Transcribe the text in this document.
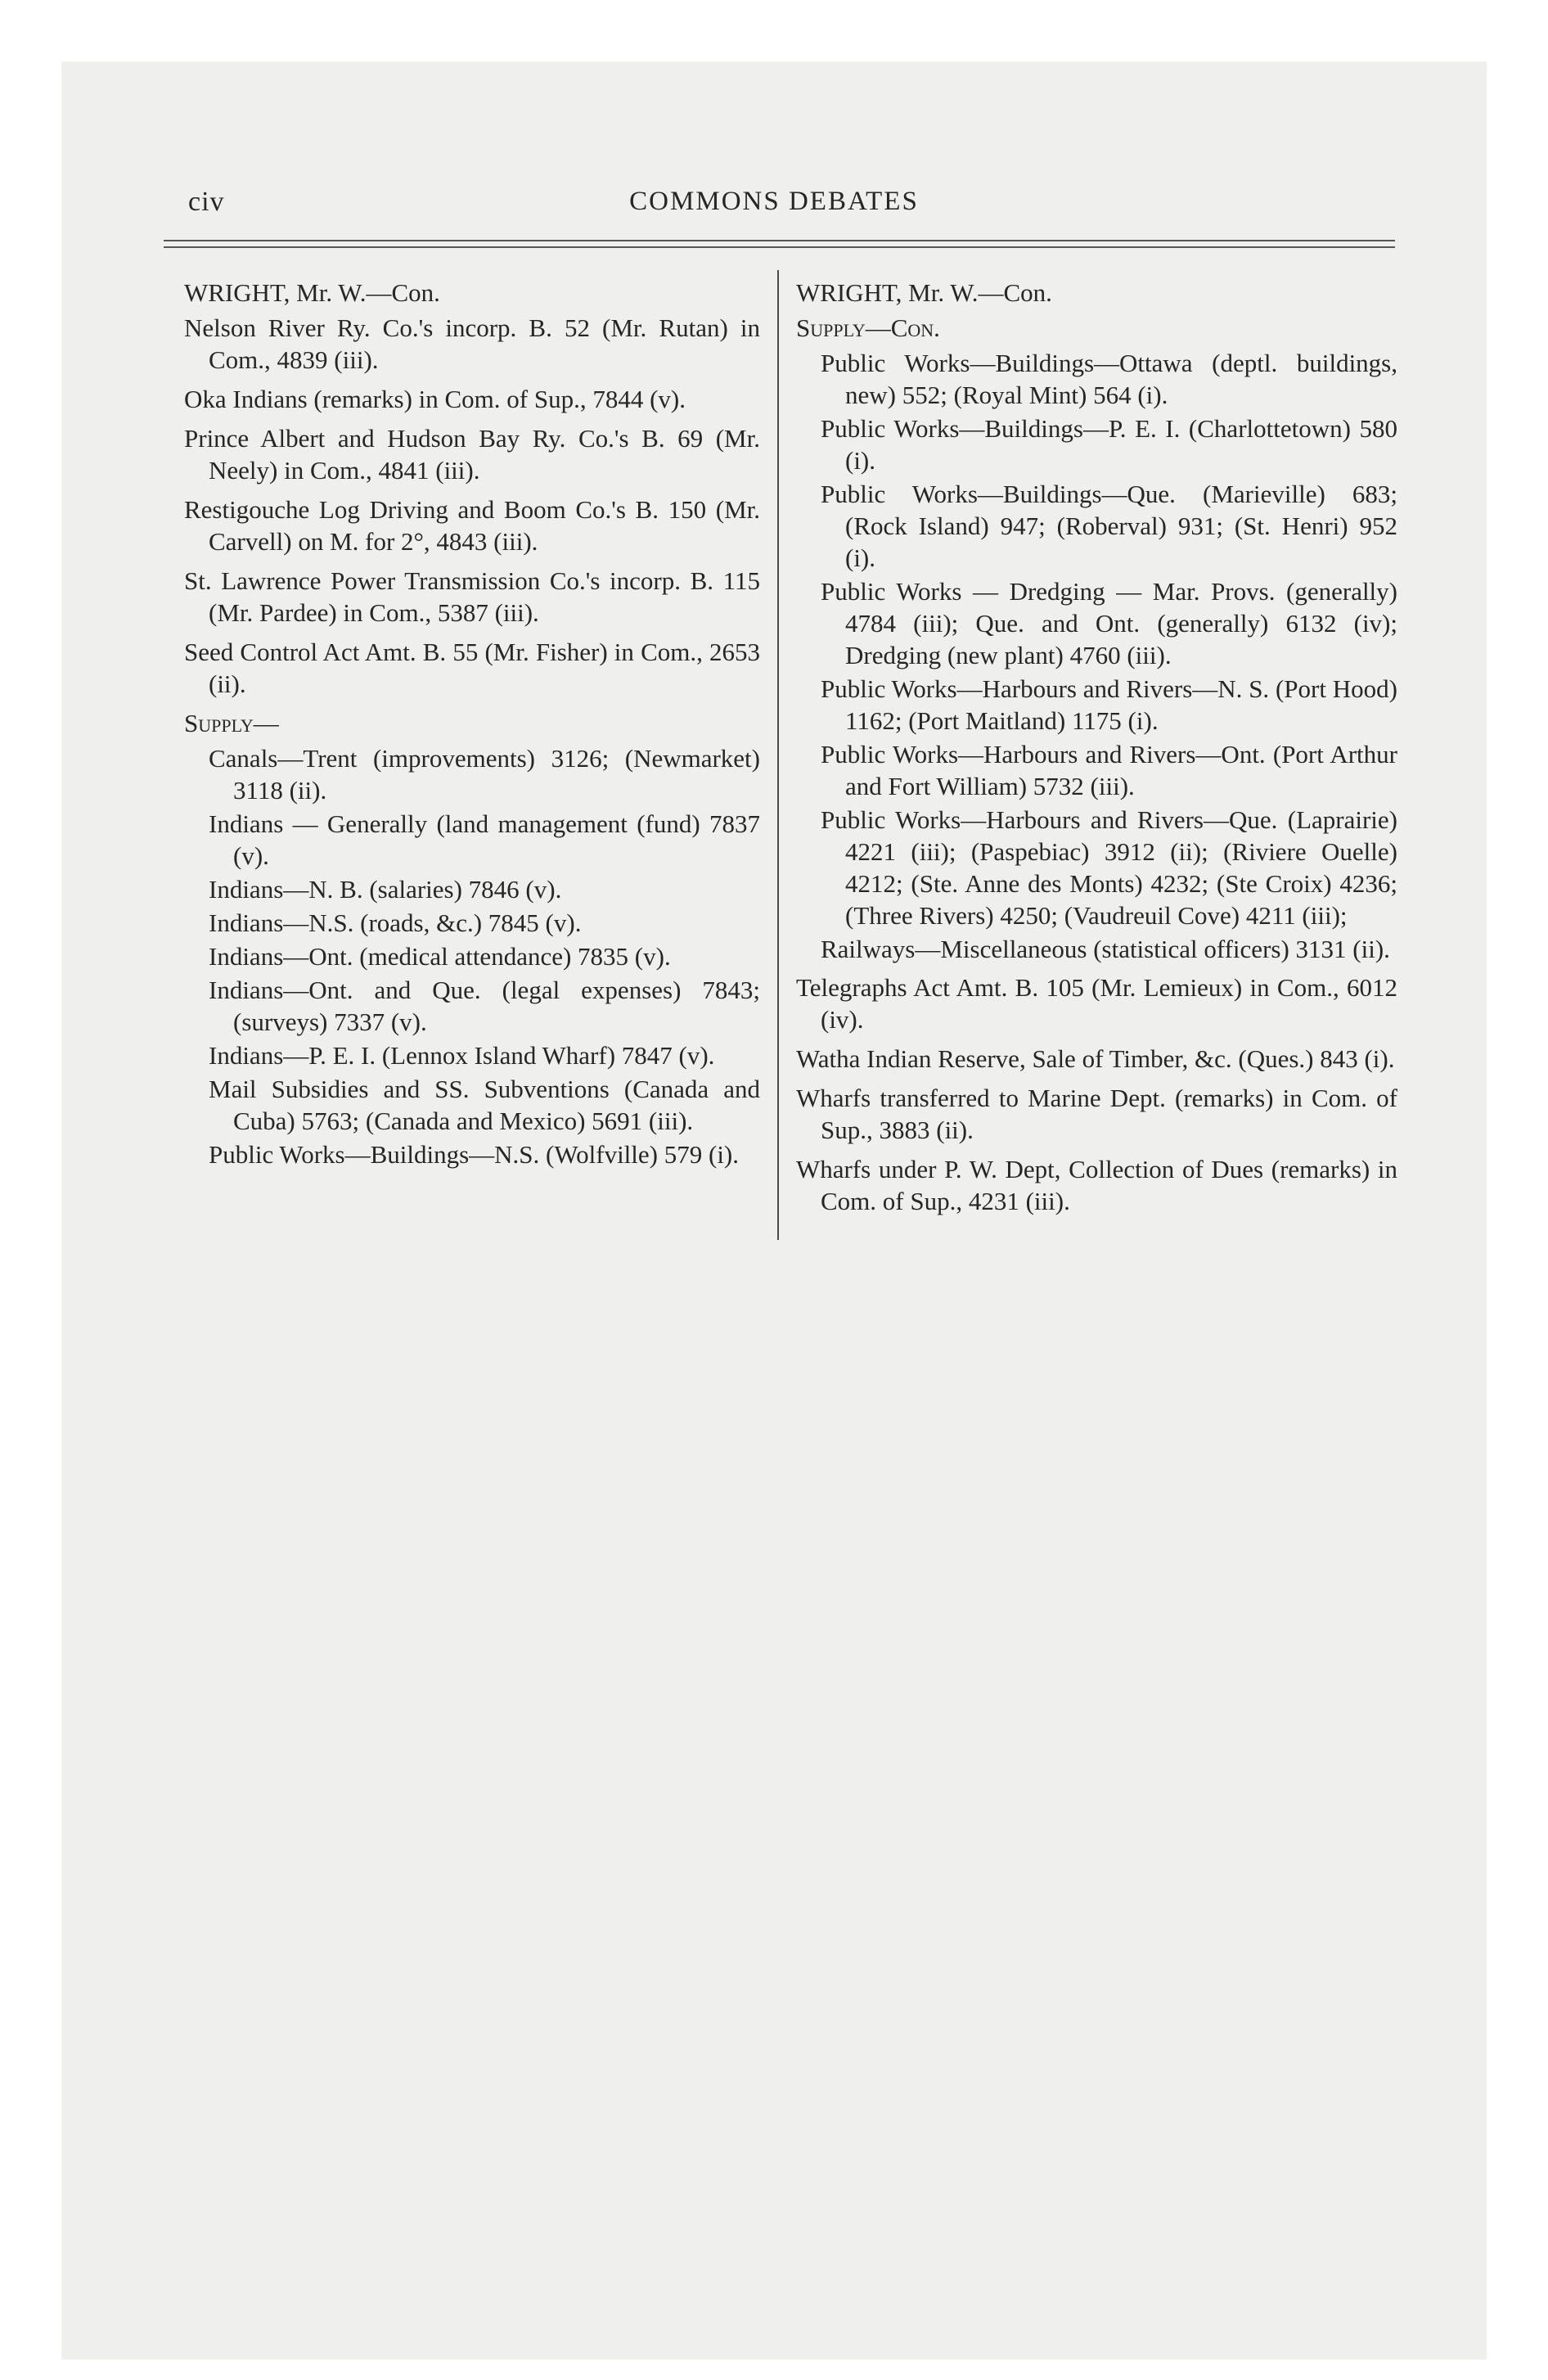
civ	COMMONS DEBATES

WRIGHT, Mr. W.—Con.

Nelson River Ry. Co.'s incorp. B. 52 (Mr. Rutan) in Com., 4839 (iii).

Oka Indians (remarks) in Com. of Sup., 7844 (v).

Prince Albert and Hudson Bay Ry. Co.'s B. 69 (Mr. Neely) in Com., 4841 (iii).

Restigouche Log Driving and Boom Co.'s B. 150 (Mr. Carvell) on M. for 2°, 4843 (iii).

St. Lawrence Power Transmission Co.'s incorp. B. 115 (Mr. Pardee) in Com., 5387 (iii).

Seed Control Act Amt. B. 55 (Mr. Fisher) in Com., 2653 (ii).

Supply—

Canals—Trent (improvements) 3126; (Newmarket) 3118 (ii).

Indians — Generally (land management (fund) 7837 (v).

Indians—N. B. (salaries) 7846 (v).

Indians—N.S. (roads, &c.) 7845 (v).

Indians—Ont. (medical attendance) 7835 (v).

Indians—Ont. and Que. (legal expenses) 7843; (surveys) 7337 (v).

Indians—P. E. I. (Lennox Island Wharf) 7847 (v).

Mail Subsidies and SS. Subventions (Canada and Cuba) 5763; (Canada and Mexico) 5691 (iii).

Public Works—Buildings—N.S. (Wolfville) 579 (i).

WRIGHT, Mr. W.—Con.

Supply—Con.

Public Works—Buildings—Ottawa (deptl. buildings, new) 552; (Royal Mint) 564 (i).

Public Works—Buildings—P. E. I. (Charlottetown) 580 (i).

Public Works—Buildings—Que. (Marieville) 683; (Rock Island) 947; (Roberval) 931; (St. Henri) 952 (i).

Public Works — Dredging — Mar. Provs. (generally) 4784 (iii); Que. and Ont. (generally) 6132 (iv); Dredging (new plant) 4760 (iii).

Public Works—Harbours and Rivers—N. S. (Port Hood) 1162; (Port Maitland) 1175 (i).

Public Works—Harbours and Rivers—Ont. (Port Arthur and Fort William) 5732 (iii).

Public Works—Harbours and Rivers—Que. (Laprairie) 4221 (iii); (Paspebiac) 3912 (ii); (Riviere Ouelle) 4212; (Ste. Anne des Monts) 4232; (Ste Croix) 4236; (Three Rivers) 4250; (Vaudreuil Cove) 4211 (iii);

Railways—Miscellaneous (statistical officers) 3131 (ii).

Telegraphs Act Amt. B. 105 (Mr. Lemieux) in Com., 6012 (iv).

Watha Indian Reserve, Sale of Timber, &c. (Ques.) 843 (i).

Wharfs transferred to Marine Dept. (remarks) in Com. of Sup., 3883 (ii).

Wharfs under P. W. Dept, Collection of Dues (remarks) in Com. of Sup., 4231 (iii).
